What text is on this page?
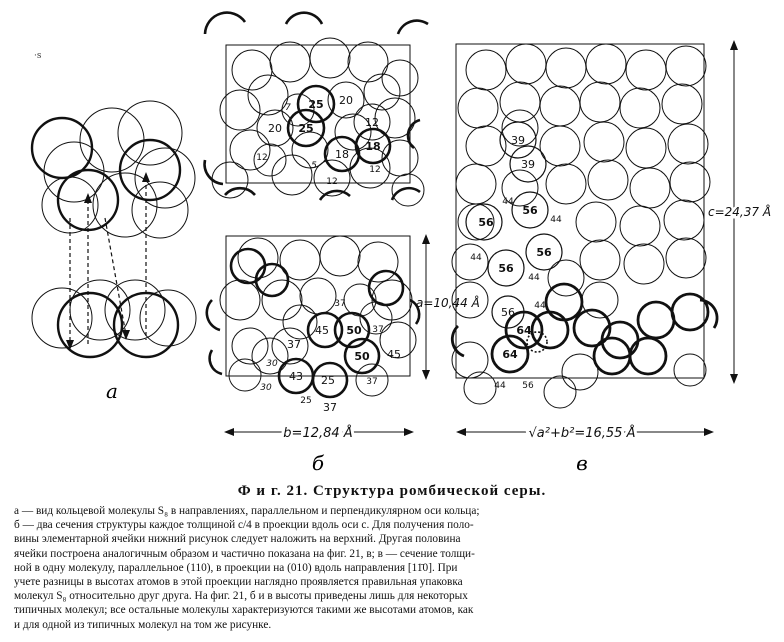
·s
а
25 20
7
20 25	12
12
5
18
18
12
12
37
45 50
37
50 45
37
30
43
30
25	37
37
25
a=10,44 Å
b=12,84 Å
б
39
39
44
56
44
56
56
44
56
44
56 44
64
64
44 56
c=24,37 Å
√a²+b²=16,55 Å
в
Ф и г. 21. Структура ромбической серы.
а — вид кольцевой молекулы S₈ в направлениях, параллельном и перпендикулярном оси кольца;
б — два сечения структуры каждое толщиной c/4 в проекции вдоль оси c. Для получения поло-
вины элементарной ячейки нижний рисунок следует наложить на верхний. Другая половина
ячейки построена аналогичным образом и частично показана на фиг. 21, в; в — сечение толщи-
ной в одну молекулу, параллельное (110), в проекции на (010) вдоль направления [11̄0]. При
учете разницы в высотах атомов в этой проекции наглядно проявляется правильная упаковка
молекул S₈ относительно друг друга. На фиг. 21, б и в высоты приведены лишь для некоторых
типичных молекул; все остальные молекулы характеризуются такими же высотами атомов, как
и для одной из типичных молекул на том же рисунке.
